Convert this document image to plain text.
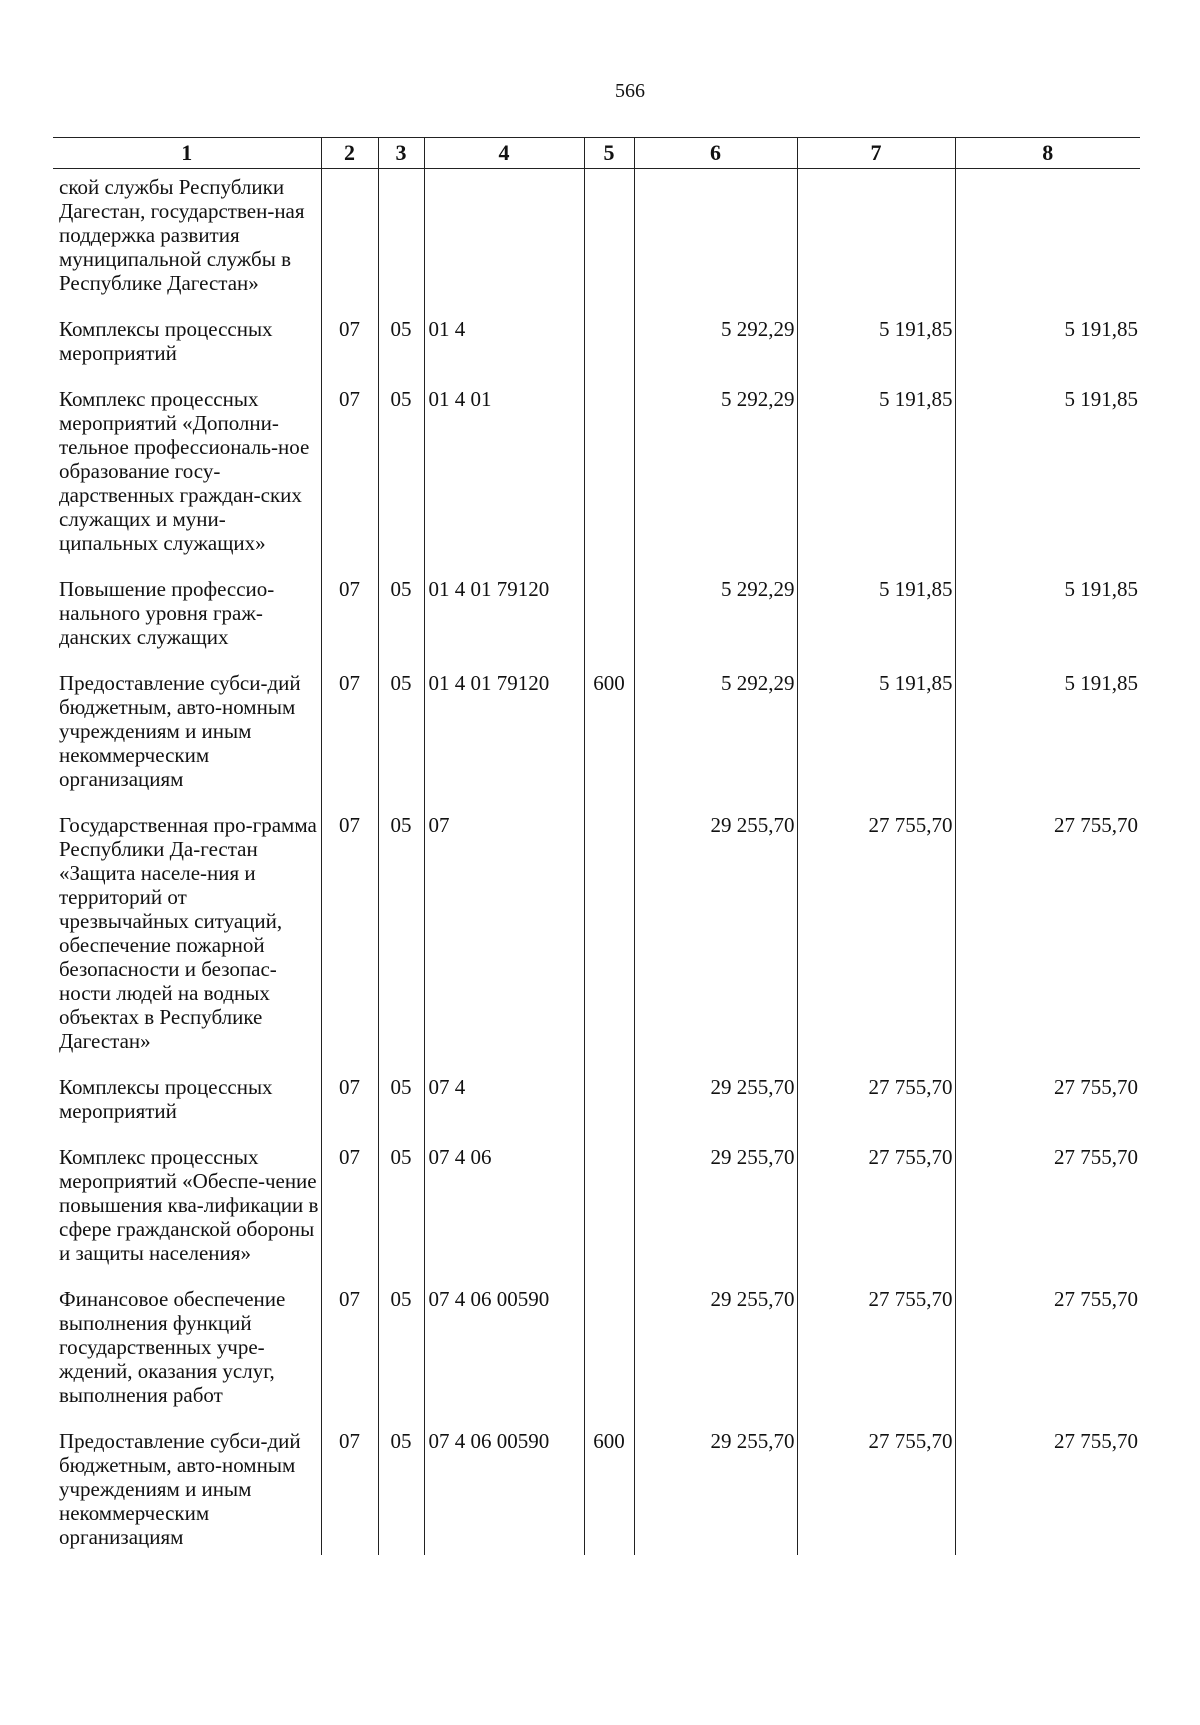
566
1	2	3	4	5	6	7	8
ской службы Республики Дагестан, государствен-ная поддержка развития муниципальной службы в Республике Дагестан»							
Комплексы процессных мероприятий	07	05	01 4		5 292,29	5 191,85	5 191,85
Комплекс процессных мероприятий «Дополни-тельное профессиональ-ное образование госу-дарственных граждан-ских служащих и муни-ципальных служащих»	07	05	01 4 01		5 292,29	5 191,85	5 191,85
Повышение профессио-нального уровня граж-данских служащих	07	05	01 4 01 79120		5 292,29	5 191,85	5 191,85
Предоставление субси-дий бюджетным, авто-номным учреждениям и иным некоммерческим организациям	07	05	01 4 01 79120	600	5 292,29	5 191,85	5 191,85
Государственная про-грамма Республики Да-гестан «Защита населе-ния и территорий от чрезвычайных ситуаций, обеспечение пожарной безопасности и безопас-ности людей на водных объектах в Республике Дагестан»	07	05	07		29 255,70	27 755,70	27 755,70
Комплексы процессных мероприятий	07	05	07 4		29 255,70	27 755,70	27 755,70
Комплекс процессных мероприятий «Обеспе-чение повышения ква-лификации в сфере гражданской обороны и защиты населения»	07	05	07 4 06		29 255,70	27 755,70	27 755,70
Финансовое обеспечение выполнения функций государственных учре-ждений, оказания услуг, выполнения работ	07	05	07 4 06 00590		29 255,70	27 755,70	27 755,70
Предоставление субси-дий бюджетным, авто-номным учреждениям и иным некоммерческим организациям	07	05	07 4 06 00590	600	29 255,70	27 755,70	27 755,70
